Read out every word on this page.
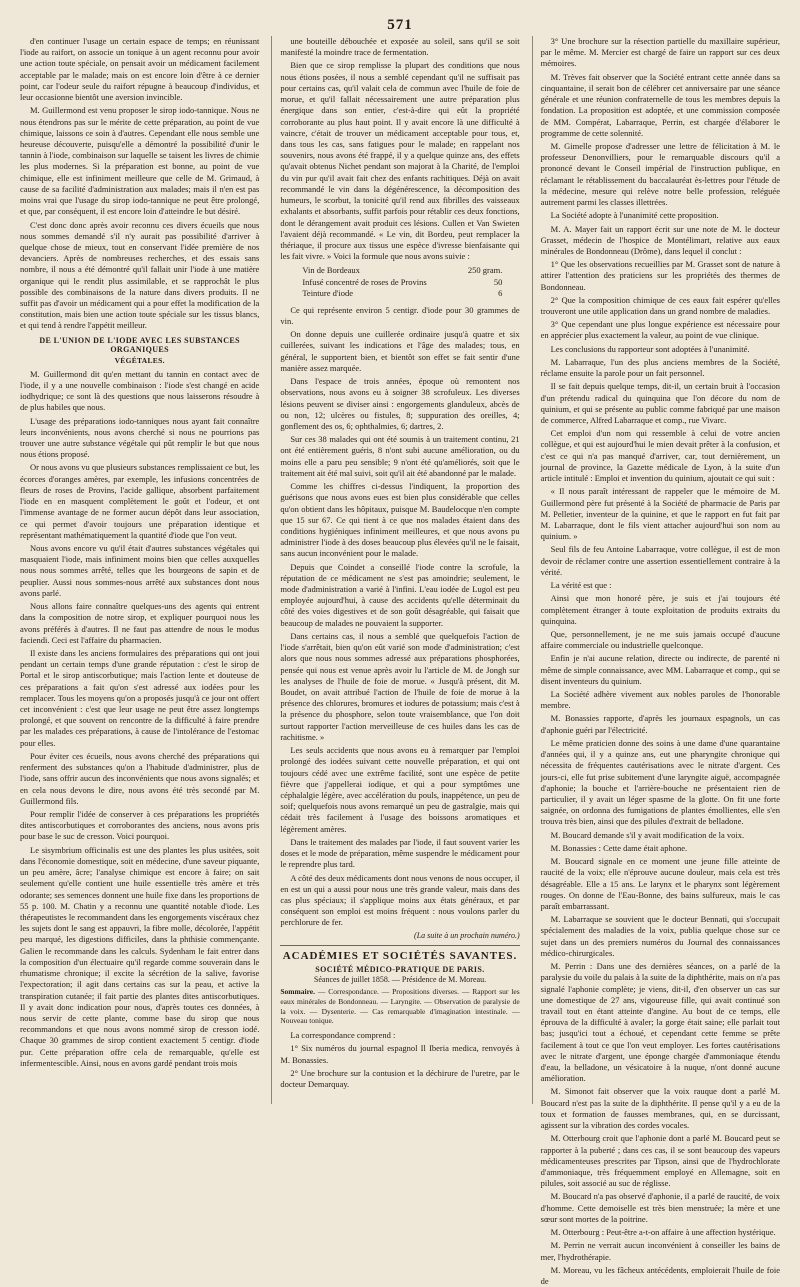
571

d'en continuer l'usage un certain espace de temps; en réunissant l'iode au raifort, on associe un tonique à un agent reconnu pour avoir une action toute spéciale, on pensait avoir un médicament facilement acceptable par le malade; mais on est encore loin d'être à ce dernier point, car l'odeur seule du raifort répugne à beaucoup d'individus, et leur occasionne bientôt une aversion invincible.

M. Guillermond est venu proposer le sirop iodo-tannique. Nous ne nous étendrons pas sur le mérite de cette préparation, au point de vue chimique, laissons ce soin à d'autres. Cependant elle nous semble une heureuse découverte, puisqu'elle a démontré la possibilité d'unir le tannin à l'iode, combinaison sur laquelle se taisent les livres de chimie les plus modernes. Si la préparation est bonne, au point de vue chimique, elle est infiniment meilleure que celle de M. Grimaud, à cause de sa facilité d'administration aux malades; mais il n'en est pas moins vrai que l'usage du sirop iodo-tannique ne peut être prolongé, et que, par conséquent, il est encore loin d'atteindre le but désiré.

C'est donc donc après avoir reconnu ces divers écueils que nous nous sommes demandé s'il n'y aurait pas possibilité d'arriver à quelque chose de mieux, tout en conservant l'idée première de nos devanciers. Après de nombreuses recherches, et des essais sans nombre, il nous a été démontré qu'il fallait unir l'iode à une matière organique qui le rendit plus assimilable, et se rapprochât le plus possible des combinaisons de la nature dans divers produits. Il ne suffit pas d'avoir un médicament qui a pour effet la modification de la constitution, mais bien une action toute spéciale sur les tissus blancs, et qui tend à rendre l'appétit meilleur.

DE L'UNION DE L'IODE AVEC LES SUBSTANCES ORGANIQUES
VÉGÉTALES.

M. Guillermond dit qu'en mettant du tannin en contact avec de l'iode, il y a une nouvelle combinaison : l'iode s'est changé en acide iodhydrique; ce sont là des questions que nous laisserons résoudre à de plus habiles que nous.

L'usage des préparations iodo-tanniques nous ayant fait connaître leurs inconvénients, nous avons cherché si nous ne pourrions pas trouver une autre substance végétale qui pût remplir le but que nous nous étions proposé.

Or nous avons vu que plusieurs substances remplissaient ce but, les écorces d'oranges amères, par exemple, les infusions concentrées de fleurs de roses de Provins, l'acide gallique, absorbent parfaitement l'iode en en masquent complètement le goût et l'odeur, et ont l'immense avantage de ne former aucun dépôt dans leur association, ce qui permet d'avoir toujours une préparation identique et représentant mathématiquement la quantité d'iode que l'on veut.

Nous avons encore vu qu'il était d'autres substances végétales qui masquaient l'iode, mais infiniment moins bien que celles auxquelles nous nous sommes arrêté, telles que les bourgeons de sapin et de peuplier. Aussi nous sommes-nous arrêté aux substances dont nous avons parlé.

Nous allons faire connaître quelques-uns des agents qui entrent dans la composition de notre sirop, et expliquer pourquoi nous les avons préférés à d'autres. Il ne faut pas attendre de nous le modus faciendi. Ceci est l'affaire du pharmacien.

Il existe dans les anciens formulaires des préparations qui ont joui pendant un certain temps d'une grande réputation : c'est le sirop de Portal et le sirop antiscorbutique; mais l'action lente et douteuse de ces préparations a fait qu'on s'est adressé aux iodées pour les remplacer. Tous les moyens qu'on a proposés jusqu'à ce jour ont offert cet inconvénient : c'est que leur usage ne peut être assez longtemps prolongé, et que souvent on rencontre de la difficulté à faire prendre par les malades ces préparations, à cause de l'intolérance de l'estomac pour elles.

Pour éviter ces écueils, nous avons cherché des préparations qui renferment des substances qu'on a l'habitude d'administrer, plus de l'iode, sans offrir aucun des inconvénients que nous avons signalés; et en cela nous devons le dire, nous avons été très secondé par M. Guillermond fils.

Pour remplir l'idée de conserver à ces préparations les propriétés dites antiscorbutiques et corroborantes des anciens, nous avons pris pour base le suc de cresson. Voici pourquoi.

Le sisymbrium officinalis est une des plantes les plus usitées, soit dans l'économie domestique, soit en médecine, d'une saveur piquante, un peu amère, âcre; l'analyse chimique est encore à faire; on sait seulement qu'elle contient une huile essentielle très amère et très odorante; ses semences donnent une huile fixe dans les proportions de 55 p. 100. M. Chatin y a reconnu une quantité notable d'iode. Les thérapeutistes le recommandent dans les engorgements viscéraux chez les sujets dont le sang est appauvri, la fibre molle, décolorée, l'appétit peu marqué, les digestions difficiles, dans la phthisie commençante. Galien le recommande dans les calculs. Sydenham le fait entrer dans la composition d'un électuaire qu'il regarde comme souverain dans le rhumatisme chronique; il excite la sécrétion de la salive, favorise l'expectoration; il agit dans certains cas sur la peau, et active la transpiration cutanée; il fait partie des plantes dites antiscorbutiques. Il y avait donc indication pour nous, d'après toutes ces données, à nous servir de cette plante, comme base du sirop que nous recommandons et que nous avons nommé sirop de cresson iodé. Chaque 30 grammes de sirop contient exactement 5 centigr. d'iode pur. Cette préparation offre cela de remarquable, qu'elle est infermentescible. Ainsi, nous en avons gardé pendant trois mois

une bouteille débouchée et exposée au soleil, sans qu'il se soit manifesté la moindre trace de fermentation.

Bien que ce sirop remplisse la plupart des conditions que nous nous étions posées, il nous a semblé cependant qu'il ne suffisait pas pour certains cas, qu'il valait cela de commun avec l'huile de foie de morue, et qu'il fallait nécessairement une autre préparation plus énergique dans son entier, c'est-à-dire qui eût la propriété corroborante au plus haut point. Il y avait encore là une difficulté à vaincre, c'était de trouver un médicament acceptable pour tous, et, dans tous les cas, sans fatigues pour le malade; en rappelant nos souvenirs, nous avons été frappé, il y a quelque quinze ans, des effets qu'avait obtenus Nichet pendant son majorat à la Charité, de l'emploi du vin pur qu'il avait fait chez des enfants rachitiques. Déjà on avait recommandé le vin dans la dégénérescence, la décomposition des humeurs, le scorbut, la tonicité qu'il rend aux fibrilles des vaisseaux exhalants et absorbants, suffit parfois pour rétablir ces deux fonctions, dont le dérangement avait produit ces lésions. Cullen et Van Swieten l'avaient déjà recommandé. « Le vin, dit Bordeu, peut remplacer la thériaque, il procure aux tissus une espèce d'ivresse bienfaisante qui les fait vivre. » Voici la formule que nous avons suivie :

Vin de Bordeaux	250 gram.
Infusé concentré de roses de Provins	50
Teinture d'iode	6

Ce qui représente environ 5 centigr. d'iode pour 30 grammes de vin.

On donne depuis une cuillerée ordinaire jusqu'à quatre et six cuillerées, suivant les indications et l'âge des malades; tous, en général, le supportent bien, et bientôt son effet se fait sentir d'une manière assez marquée.

Dans l'espace de trois années, époque où remontent nos observations, nous avons eu à soigner 38 scrofuleux. Les diverses lésions peuvent se diviser ainsi : engorgements glanduleux, abcès de ou non, 12; ulcères ou fistules, 8; suppuration des oreilles, 4; gonflement des os, 6; ophthalmies, 6; dartres, 2.

Sur ces 38 malades qui ont été soumis à un traitement continu, 21 ont été entièrement guéris, 8 n'ont subi aucune amélioration, ou du moins elle a paru peu sensible; 9 n'ont été qu'améliorés, soit que le traitement ait été mal suivi, soit qu'il ait été abandonné par le malade.

Comme les chiffres ci-dessus l'indiquent, la proportion des guérisons que nous avons eues est bien plus considérable que celles qu'on obtient dans les hôpitaux, puisque M. Baudelocque n'en compte que 15 sur 67. Ce qui tient à ce que nos malades étaient dans des conditions hygiéniques infiniment meilleures, et que nous avons pu administrer l'iode à des doses beaucoup plus élevées qu'il ne le faisait, sans aucun inconvénient pour le malade.

Depuis que Coindet a conseillé l'iode contre la scrofule, la réputation de ce médicament ne s'est pas amoindrie; seulement, le mode d'administration a varié à l'infini. L'eau iodée de Lugol est peu employée aujourd'hui, à cause des accidents qu'elle déterminait du côté des voies digestives et de son goût désagréable, qui faisait que beaucoup de malades ne pouvaient la supporter.

Dans certains cas, il nous a semblé que quelquefois l'action de l'iode s'arrêtait, bien qu'on eût varié son mode d'administration; c'est alors que nous nous sommes adressé aux préparations phosphorées, pensée qui nous est venue après avoir lu l'article de M. de Jongh sur les analyses de l'huile de foie de morue. « Jusqu'à présent, dit M. Boudet, on avait attribué l'action de l'huile de foie de morue à la présence des chlorures, bromures et iodures de potassium; mais c'est à la présence du phosphore, selon toute vraisemblance, que l'on doit surtout rapporter l'action merveilleuse de ces huiles dans les cas de rachitisme. »

Les seuls accidents que nous avons eu à remarquer par l'emploi prolongé des iodées suivant cette nouvelle préparation, et qui ont toujours cédé avec une extrême facilité, sont une espèce de petite fièvre que j'appellerai iodique, et qui a pour symptômes une céphalalgie légère, avec accélération du pouls, inappétence, un peu de soif; quelquefois nous avons remarqué un peu de gastralgie, mais qui cédait très facilement à l'usage des boissons aromatiques et légèrement amères.

Dans le traitement des malades par l'iode, il faut souvent varier les doses et le mode de préparation, même suspendre le médicament pour le reprendre plus tard.

A côté des deux médicaments dont nous venons de nous occuper, il en est un qui a aussi pour nous une très grande valeur, mais dans des cas plus spéciaux; il s'applique moins aux états généraux, et par conséquent son emploi est moins fréquent : nous voulons parler du perchlorure de fer.

(La suite à un prochain numéro.)

ACADÉMIES ET SOCIÉTÉS SAVANTES.
SOCIÉTÉ MÉDICO-PRATIQUE DE PARIS.
Séances de juillet 1858. — Présidence de M. Moreau.
Sommaire. — Correspondance. — Propositions diverses. — Rapport sur les eaux minérales de Bondonneau. — Laryngite. — Observation de paralysie de la voix. — Dysenterie. — Cas remarquable d'imagination intestinale. — Nouveau tonique.

La correspondance comprend :

1° Six numéros du journal espagnol Il Iberia medica, renvoyés à M. Bonassies.

2° Une brochure sur la contusion et la déchirure de l'uretre, par le docteur Demarquay.

3° Une brochure sur la résection partielle du maxillaire supérieur, par le même. M. Mercier est chargé de faire un rapport sur ces deux mémoires.

M. Trèves fait observer que la Société entrant cette année dans sa cinquantaine, il serait bon de célébrer cet anniversaire par une séance générale et une réunion confraternelle de tous les membres depuis la fondation. La proposition est adoptée, et une commission composée de MM. Compérat, Labarraque, Perrin, est chargée d'élaborer le programme de cette solennité.

M. Gimelle propose d'adresser une lettre de félicitation à M. le professeur Denonvilliers, pour le remarquable discours qu'il a prononcé devant le Conseil impérial de l'instruction publique, en réclamant le rétablissement du baccalauréat ès-lettres pour l'étude de la médecine, mesure qui relève notre belle profession, reléguée autrement parmi les classes illettrées.

La Société adopte à l'unanimité cette proposition.

M. A. Mayer fait un rapport écrit sur une note de M. le docteur Grasset, médecin de l'hospice de Montélimart, relative aux eaux minérales de Bondonneau (Drôme), dans lequel il conclut :

1° Que les observations recueillies par M. Grasset sont de nature à attirer l'attention des praticiens sur les propriétés des thermes de Bondonneau.

2° Que la composition chimique de ces eaux fait espérer qu'elles trouveront une utile application dans un grand nombre de maladies.

3° Que cependant une plus longue expérience est nécessaire pour en apprécier plus exactement la valeur, au point de vue clinique.

Les conclusions du rapporteur sont adoptées à l'unanimité.

M. Labarraque, l'un des plus anciens membres de la Société, réclame ensuite la parole pour un fait personnel.

Il se fait depuis quelque temps, dit-il, un certain bruit à l'occasion d'un prétendu radical du quinquina que l'on décore du nom de quinium, et qui se présente au public comme fabriqué par une maison de commerce, Alfred Labarraque et comp., rue Vivarc.

Cet emploi d'un nom qui ressemble à celui de votre ancien collègue, et qui est aujourd'hui le mien devait prêter à la confusion, et c'est ce qui n'a pas manqué d'arriver, car, tout dernièrement, un journal de province, la Gazette médicale de Lyon, à la suite d'un article intitulé : Emploi et invention du quinium, ajoutait ce qui suit :

« Il nous paraît intéressant de rappeler que le mémoire de M. Guillermond père fut présenté à la Société de pharmacie de Paris par M. Pelletier, inventeur de la quinine, et que le rapport en fut fait par M. Labarraque, dont le fils vient attacher aujourd'hui son nom au quinium. »

Seul fils de feu Antoine Labarraque, votre collègue, il est de mon devoir de réclamer contre une assertion essentiellement contraire à la vérité.

La vérité est que :

Ainsi que mon honoré père, je suis et j'ai toujours été complètement étranger à toute exploitation de produits extraits du quinquina.

Que, personnellement, je ne me suis jamais occupé d'aucune affaire commerciale ou industrielle quelconque.

Enfin je n'ai aucune relation, directe ou indirecte, de parenté ni même de simple connaissance, avec MM. Labarraque et comp., qui se disent inventeurs du quinium.

La Société adhère vivement aux nobles paroles de l'honorable membre.

M. Bonassies rapporte, d'après les journaux espagnols, un cas d'aphonie guéri par l'électricité.

Le même praticien donne des soins à une dame d'une quarantaine d'années qui, il y a quinze ans, eut une pharyngite chronique qui nécessita de fréquentes cautérisations avec le nitrate d'argent. Ces jours-ci, elle fut prise subitement d'une laryngite aiguë, accompagnée d'aphonie; la bouche et l'arrière-bouche ne présentaient rien de particulier, il y avait un léger spasme de la glotte. On fit une forte saignée, on ordonna des fumigations de plantes émollientes, elle s'en trouva très bien, ainsi que des pilules d'extrait de belladone.

M. Boucard demande s'il y avait modification de la voix.

M. Bonassies : Cette dame était aphone.

M. Boucard signale en ce moment une jeune fille atteinte de raucité de la voix; elle n'éprouve aucune douleur, mais cela est très désagréable. Elle a 15 ans. Le larynx et le pharynx sont légèrement rouges. On donne de l'Eau-Bonne, des bains sulfureux, mais le cas paraît embarrassant.

M. Labarraque se souvient que le docteur Bennati, qui s'occupait spécialement des maladies de la voix, publia quelque chose sur ce sujet dans un des premiers numéros du Journal des connaissances médico-chirurgicales.

M. Perrin : Dans une des dernières séances, on a parlé de la paralysie du voile du palais à la suite de la diphthérite, mais on n'a pas signalé l'aphonie complète; je viens, dit-il, d'en observer un cas sur une domestique de 27 ans, vigoureuse fille, qui avait continué son travail tout en étant atteinte d'angine. Au bout de ce temps, elle éprouva de la difficulté à avaler; la gorge était saine; elle parlait tout bas; jusqu'ici tout a échoué, et cependant cette femme se prête facilement à tout ce que l'on veut employer. Les fortes cautérisations avec le nitrate d'argent, une éponge chargée d'ammoniaque étendu d'eau, la belladone, un vésicatoire à la nuque, n'ont donné aucune amélioration.

M. Simonot fait observer que la voix rauque dont a parlé M. Boucard n'est pas la suite de la diphthérite. Il pense qu'il y a eu de la toux et formation de fausses membranes, qui, en se durcissant, agissent sur la vibration des cordes vocales.

M. Otterbourg croit que l'aphonie dont a parlé M. Boucard peut se rapporter à la puberté ; dans ces cas, il se sont beaucoup des vapeurs médicamenteuses prescrites par Tipson, ainsi que de l'hydrochlorate d'ammoniaque, très fréquemment employé en Allemagne, soit en pilules, soit associé au suc de réglisse.

M. Boucard n'a pas observé d'aphonie, il a parlé de raucité, de voix d'homme. Cette demoiselle est très bien menstruée; la mère et une sœur sont mortes de la poitrine.

M. Otterbourg : Peut-être a-t-on affaire à une affection hystérique.

M. Perrin ne verrait aucun inconvénient à conseiller les bains de mer, l'hydrothérapie.

M. Moreau, vu les fâcheux antécédents, emploierait l'huile de foie de
